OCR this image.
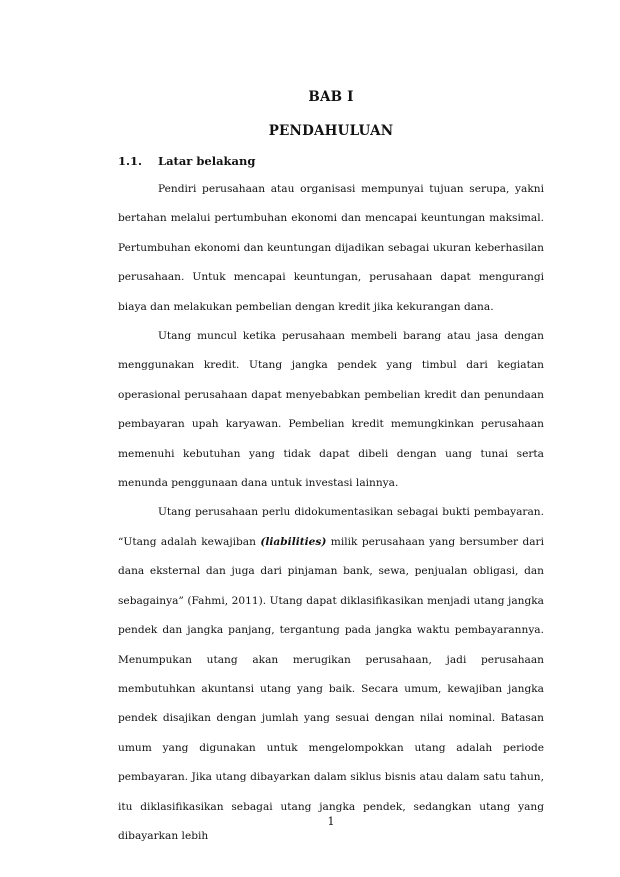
BAB I
PENDAHULUAN
1.1. Latar belakang

Pendiri perusahaan atau organisasi mempunyai tujuan serupa, yakni bertahan melalui pertumbuhan ekonomi dan mencapai keuntungan maksimal. Pertumbuhan ekonomi dan keuntungan dijadikan sebagai ukuran keberhasilan perusahaan. Untuk mencapai keuntungan, perusahaan dapat mengurangi biaya dan melakukan pembelian dengan kredit jika kekurangan dana.

Utang muncul ketika perusahaan membeli barang atau jasa dengan menggunakan kredit. Utang jangka pendek yang timbul dari kegiatan operasional perusahaan dapat menyebabkan pembelian kredit dan penundaan pembayaran upah karyawan. Pembelian kredit memungkinkan perusahaan memenuhi kebutuhan yang tidak dapat dibeli dengan uang tunai serta menunda penggunaan dana untuk investasi lainnya.

Utang perusahaan perlu didokumentasikan sebagai bukti pembayaran. “Utang adalah kewajiban (liabilities) milik perusahaan yang bersumber dari dana eksternal dan juga dari pinjaman bank, sewa, penjualan obligasi, dan sebagainya” (Fahmi, 2011). Utang dapat diklasifikasikan menjadi utang jangka pendek dan jangka panjang, tergantung pada jangka waktu pembayarannya. Menumpukan utang akan merugikan perusahaan, jadi perusahaan membutuhkan akuntansi utang yang baik. Secara umum, kewajiban jangka pendek disajikan dengan jumlah yang sesuai dengan nilai nominal. Batasan umum yang digunakan untuk mengelompokkan utang adalah periode pembayaran. Jika utang dibayarkan dalam siklus bisnis atau dalam satu tahun, itu diklasifikasikan sebagai utang jangka pendek, sedangkan utang yang dibayarkan lebih

1
